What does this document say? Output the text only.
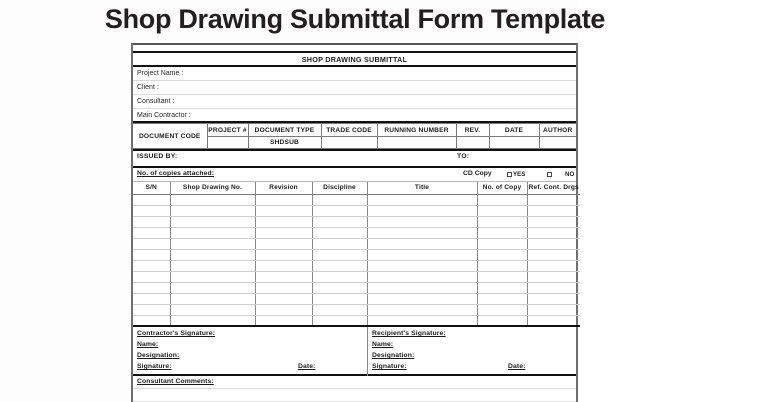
Shop Drawing Submittal Form Template
SHOP DRAWING SUBMITTAL
Project Name :
Client :
Consultant :
Main Contractor :
DOCUMENT CODE	PROJECT #	DOCUMENT TYPE	TRADE CODE	RUNNING NUMBER	REV.	DATE	AUTHOR
		SHDSUB					
ISSUED BY:	TO:
No. of copies attached:	CD Copy	YES	NO
S/N	Shop Drawing No.	Revision	Discipline	Title	No. of Copy	Ref. Cont. Drgs

Contractor's Signature:
Name:
Designation:
Signature:	Date:
Recipient's Signature:
Name:
Designation:
Signature:	Date:
Consultant Comments:
